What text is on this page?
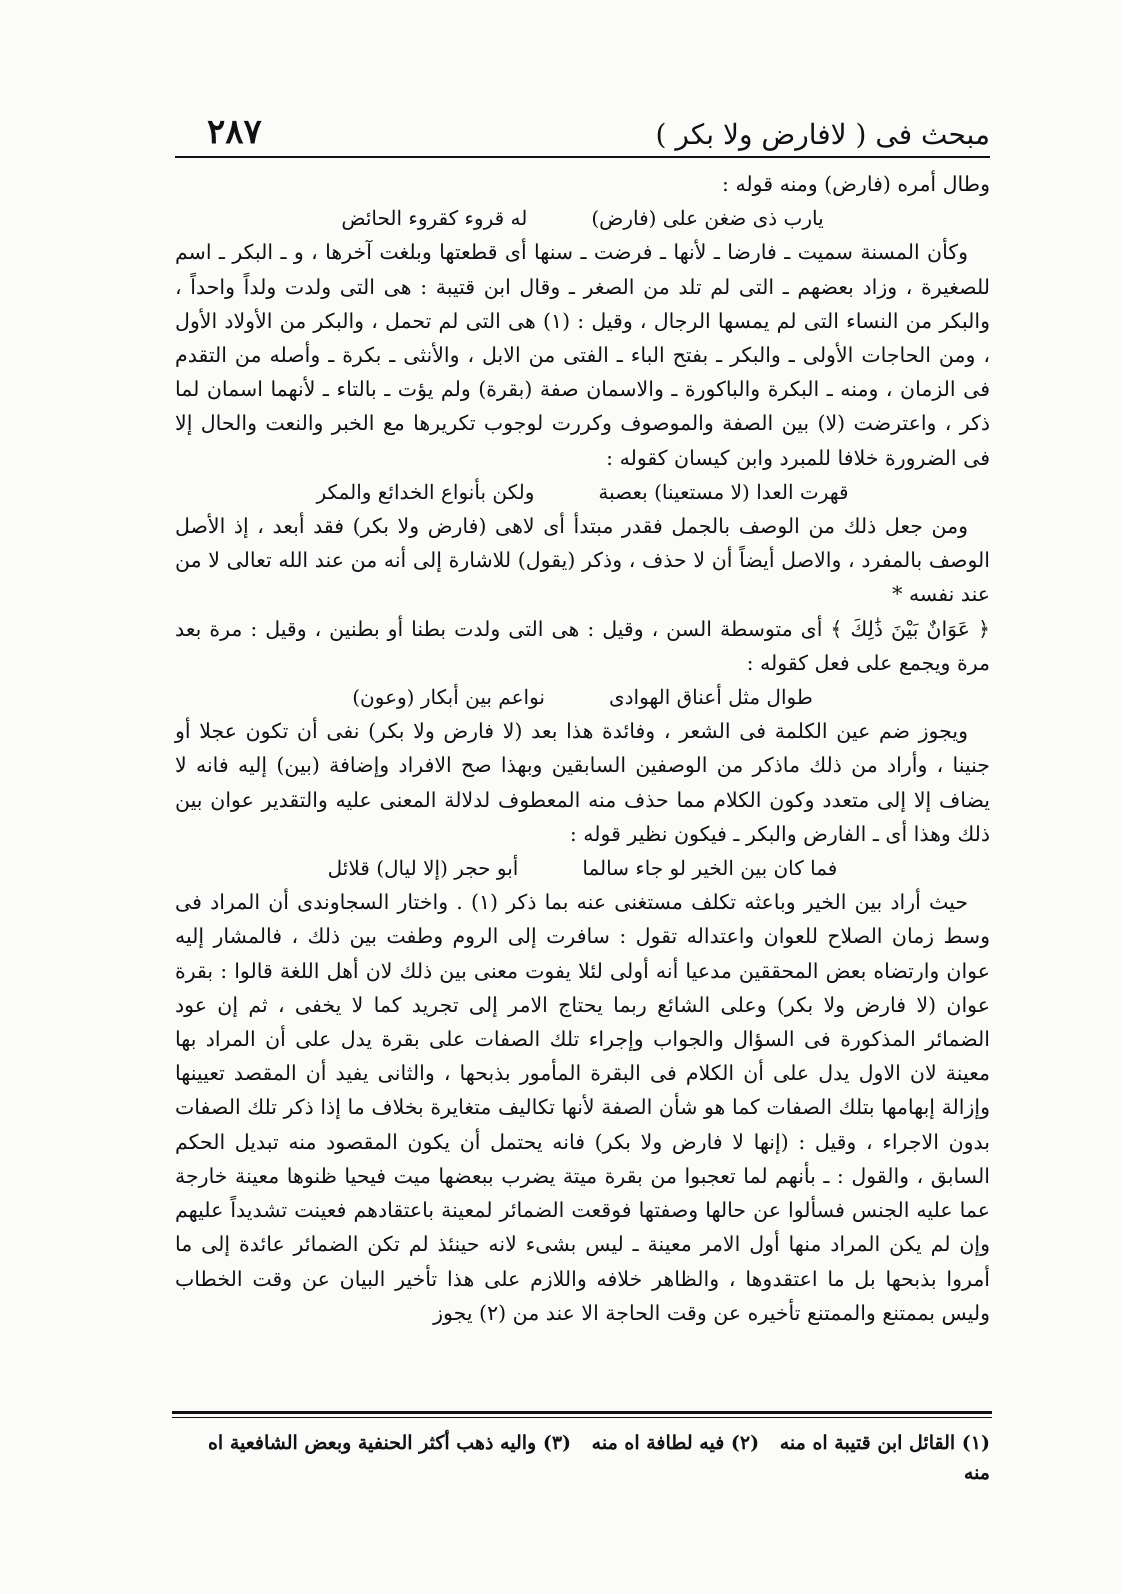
٢٨٧	مبحث فى ( لافارض ولا بكر )

وطال أمره (فارض) ومنه قوله :

يارب ذى ضغن على (فارض)
له قروء كقروء الحائض

وكأن المسنة سميت ـ فارضا ـ لأنها ـ فرضت ـ سنها أى قطعتها وبلغت آخرها ، و ـ البكر ـ اسم للصغيرة ، وزاد بعضهم ـ التى لم تلد من الصغر ـ وقال ابن قتيبة : هى التى ولدت ولداً واحداً ، والبكر من النساء التى لم يمسها الرجال ، وقيل : (١) هى التى لم تحمل ، والبكر من الأولاد الأول ، ومن الحاجات الأولى ـ والبكر ـ بفتح الباء ـ الفتى من الابل ، والأنثى ـ بكرة ـ وأصله من التقدم فى الزمان ، ومنه ـ البكرة والباكورة ـ والاسمان صفة (بقرة) ولم يؤت ـ بالتاء ـ لأنهما اسمان لما ذكر ، واعترضت (لا) بين الصفة والموصوف وكررت لوجوب تكريرها مع الخبر والنعت والحال إلا فى الضرورة خلافا للمبرد وابن كيسان كقوله :

قهرت العدا (لا مستعينا) بعصبة
ولكن بأنواع الخدائع والمكر

ومن جعل ذلك من الوصف بالجمل فقدر مبتدأ أى لاهى (فارض ولا بكر) فقد أبعد ، إذ الأصل الوصف بالمفرد ، والاصل أيضاً أن لا حذف ، وذكر (يقول) للاشارة إلى أنه من عند الله تعالى لا من عند نفسه *

﴿ عَوَانٌ بَيْنَ ذَٰلِكَ ﴾ أى متوسطة السن ، وقيل : هى التى ولدت بطنا أو بطنين ، وقيل : مرة بعد مرة ويجمع على فعل كقوله :

طوال مثل أعناق الهوادى
نواعم بين أبكار (وعون)

ويجوز ضم عين الكلمة فى الشعر ، وفائدة هذا بعد (لا فارض ولا بكر) نفى أن تكون عجلا أو جنينا ، وأراد من ذلك ماذكر من الوصفين السابقين وبهذا صح الافراد وإضافة (بين) إليه فانه لا يضاف إلا إلى متعدد وكون الكلام مما حذف منه المعطوف لدلالة المعنى عليه والتقدير عوان بين ذلك وهذا أى ـ الفارض والبكر ـ فيكون نظير قوله :

فما كان بين الخير لو جاء سالما
أبو حجر (إلا ليال) قلائل

حيث أراد بين الخير وباعثه تكلف مستغنى عنه بما ذكر (١) . واختار السجاوندى أن المراد فى وسط زمان الصلاح للعوان واعتداله تقول : سافرت إلى الروم وطفت بين ذلك ، فالمشار إليه عوان وارتضاه بعض المحققين مدعيا أنه أولى لئلا يفوت معنى بين ذلك لان أهل اللغة قالوا : بقرة عوان (لا فارض ولا بكر) وعلى الشائع ربما يحتاج الامر إلى تجريد كما لا يخفى ، ثم إن عود الضمائر المذكورة فى السؤال والجواب وإجراء تلك الصفات على بقرة يدل على أن المراد بها معينة لان الاول يدل على أن الكلام فى البقرة المأمور بذبحها ، والثانى يفيد أن المقصد تعيينها وإزالة إبهامها بتلك الصفات كما هو شأن الصفة لأنها تكاليف متغايرة بخلاف ما إذا ذكر تلك الصفات بدون الاجراء ، وقيل : (إنها لا فارض ولا بكر) فانه يحتمل أن يكون المقصود منه تبديل الحكم السابق ، والقول : ـ بأنهم لما تعجبوا من بقرة ميتة يضرب ببعضها ميت فيحيا ظنوها معينة خارجة عما عليه الجنس فسألوا عن حالها وصفتها فوقعت الضمائر لمعينة باعتقادهم فعينت تشديداً عليهم وإن لم يكن المراد منها أول الامر معينة ـ ليس بشىء لانه حينئذ لم تكن الضمائر عائدة إلى ما أمروا بذبحها بل ما اعتقدوها ، والظاهر خلافه واللازم على هذا تأخير البيان عن وقت الخطاب وليس بممتنع والممتنع تأخيره عن وقت الحاجة الا عند من (٢) يجوز

(١) القائل ابن قتيبة اه منه (٢) فيه لطافة اه منه (٣) واليه ذهب أكثر الحنفية وبعض الشافعية اه منه
